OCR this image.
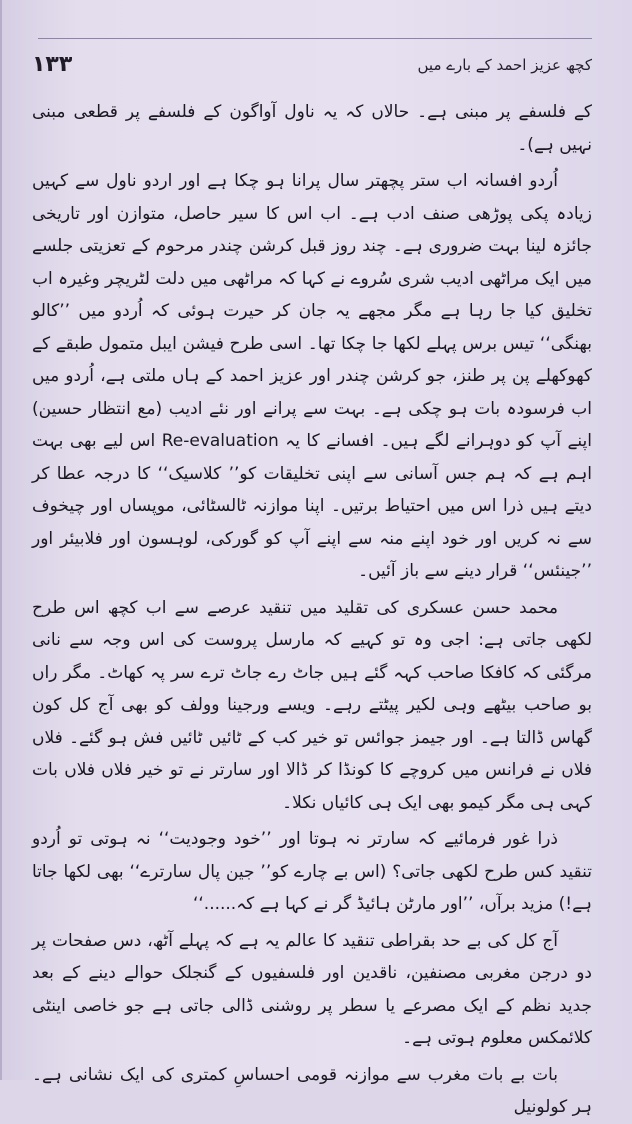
کچھ عزیز احمد کے بارے میں
۱۳۳

کے فلسفے پر مبنی ہے۔ حالاں کہ یہ ناول آواگون کے فلسفے پر قطعی مبنی نہیں ہے)۔

اُردو افسانہ اب ستر پچھتر سال پرانا ہو چکا ہے اور اردو ناول سے کہیں زیادہ پکی پوڑھی صنف ادب ہے۔ اب اس کا سیر حاصل، متوازن اور تاریخی جائزہ لینا بہت ضروری ہے۔ چند روز قبل کرشن چندر مرحوم کے تعزیتی جلسے میں ایک مراٹھی ادیب شری سُروے نے کہا کہ مراٹھی میں دلت لٹریچر وغیرہ اب تخلیق کیا جا رہا ہے مگر مجھے یہ جان کر حیرت ہوئی کہ اُردو میں ’’کالو بھنگی‘‘ تیس برس پہلے لکھا جا چکا تھا۔ اسی طرح فیشن ایبل متمول طبقے کے کھوکھلے پن پر طنز، جو کرشن چندر اور عزیز احمد کے ہاں ملتی ہے، اُردو میں اب فرسودہ بات ہو چکی ہے۔ بہت سے پرانے اور نئے ادیب (مع انتظار حسین) اپنے آپ کو دوہرانے لگے ہیں۔ افسانے کا یہ Re-evaluation اس لیے بھی بہت اہم ہے کہ ہم جس آسانی سے اپنی تخلیقات کو’’ کلاسیک‘‘ کا درجہ عطا کر دیتے ہیں ذرا اس میں احتیاط برتیں۔ اپنا موازنہ ٹالسٹائی، موپساں اور چیخوف سے نہ کریں اور خود اپنے منہ سے اپنے آپ کو گورکی، لوہسون اور فلابیئر اور ’’جینئس‘‘ قرار دینے سے باز آئیں۔

محمد حسن عسکری کی تقلید میں تنقید عرصے سے اب کچھ اس طرح لکھی جاتی ہے: اجی وہ تو کہیے کہ مارسل پروست کی اس وجہ سے نانی مرگئی کہ کافکا صاحب کہہ گئے ہیں جاٹ رے جاٹ ترے سر پہ کھاٹ۔ مگر راں بو صاحب بیٹھے وہی لکیر پیٹتے رہے۔ ویسے ورجینا وولف کو بھی آج کل کون گھاس ڈالتا ہے۔ اور جیمز جوائس تو خیر کب کے ٹائیں ٹائیں فش ہو گئے۔ فلاں فلاں نے فرانس میں کروچے کا کونڈا کر ڈالا اور سارتر نے تو خیر فلاں فلاں بات کہی ہی مگر کیمو بھی ایک ہی کائیاں نکلا۔

ذرا غور فرمائیے کہ سارتر نہ ہوتا اور ’’خود وجودیت‘‘ نہ ہوتی تو اُردو تنقید کس طرح لکھی جاتی؟ (اس بے چارے کو’’ جین پال سارترے‘‘ بھی لکھا جاتا ہے!) مزید برآں، ’’اور مارٹن ہائیڈ گر نے کہا ہے کہ......‘‘

آج کل کی بے حد بقراطی تنقید کا عالم یہ ہے کہ پہلے آٹھ، دس صفحات پر دو درجن مغربی مصنفین، ناقدین اور فلسفیوں کے گنجلک حوالے دینے کے بعد جدید نظم کے ایک مصرعے یا سطر پر روشنی ڈالی جاتی ہے جو خاصی اینٹی کلائمکس معلوم ہوتی ہے۔

بات بے بات مغرب سے موازنہ قومی احساسِ کمتری کی ایک نشانی ہے۔ ہر کولونیل
